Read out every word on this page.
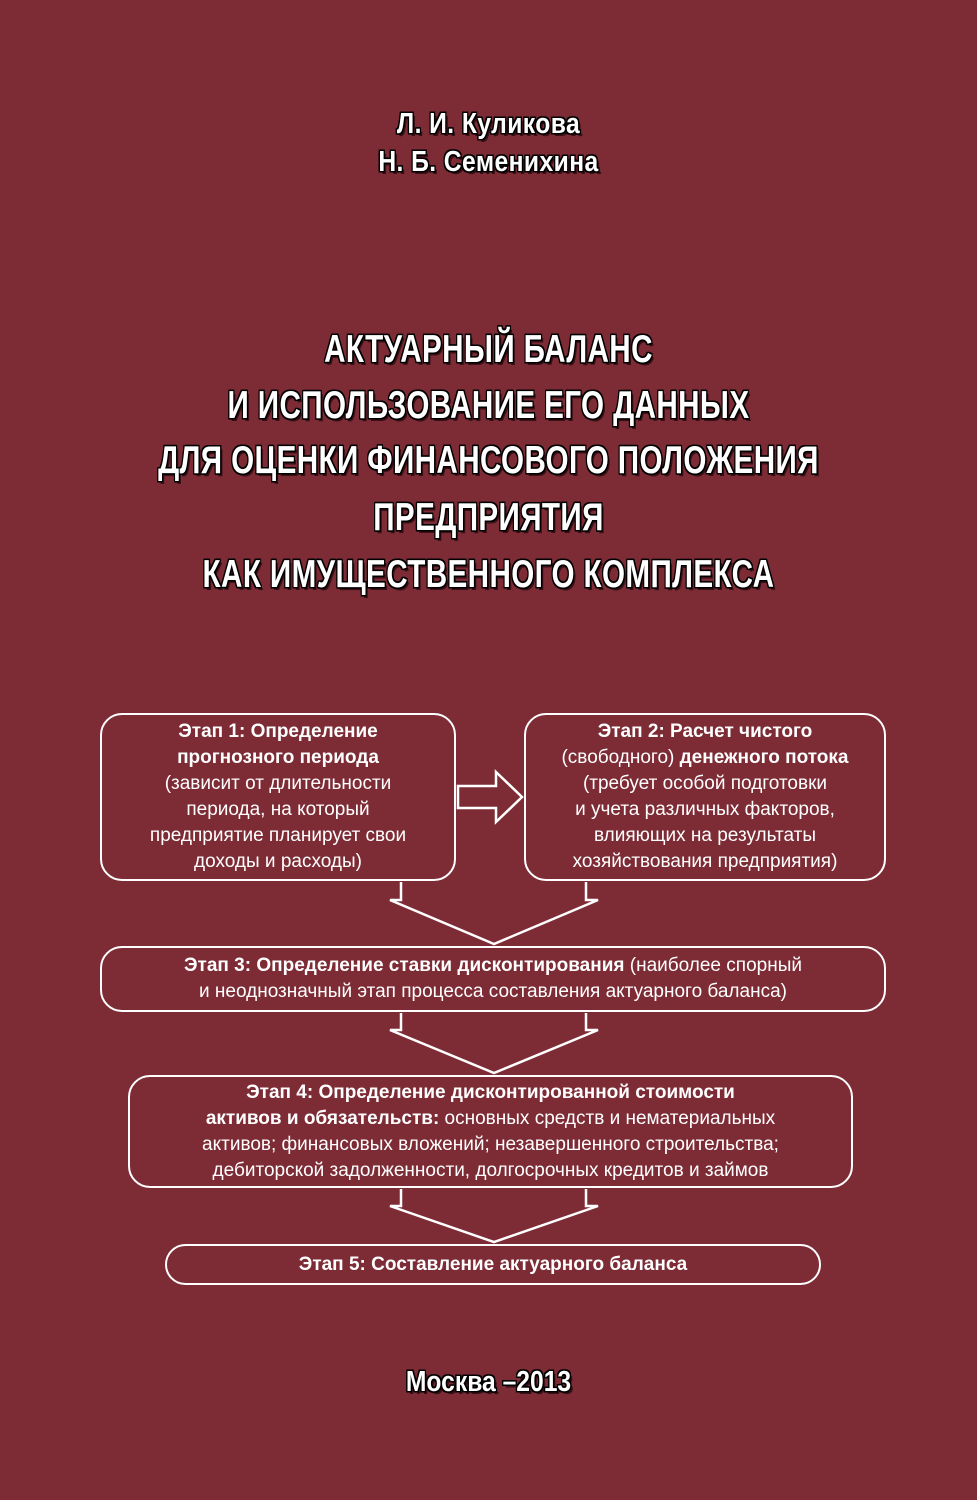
Л. И. Куликова
Н. Б. Семенихина
АКТУАРНЫЙ БАЛАНС
И ИСПОЛЬЗОВАНИЕ ЕГО ДАННЫХ
ДЛЯ ОЦЕНКИ ФИНАНСОВОГО ПОЛОЖЕНИЯ
ПРЕДПРИЯТИЯ
КАК ИМУЩЕСТВЕННОГО КОМПЛЕКСА
Этап 1: Определение
прогнозного периода
(зависит от длительности
периода, на который
предприятие планирует свои
доходы и расходы)
Этап 2: Расчет чистого
(свободного) денежного потока
(требует особой подготовки
и учета различных факторов,
влияющих на результаты
хозяйствования предприятия)
Этап 3: Определение ставки дисконтирования (наиболее спорный
и неоднозначный этап процесса составления актуарного баланса)
Этап 4: Определение дисконтированной стоимости
активов и обязательств: основных средств и нематериальных
активов; финансовых вложений; незавершенного строительства;
дебиторской задолженности, долгосрочных кредитов и займов
Этап 5: Составление актуарного баланса
Москва –2013
